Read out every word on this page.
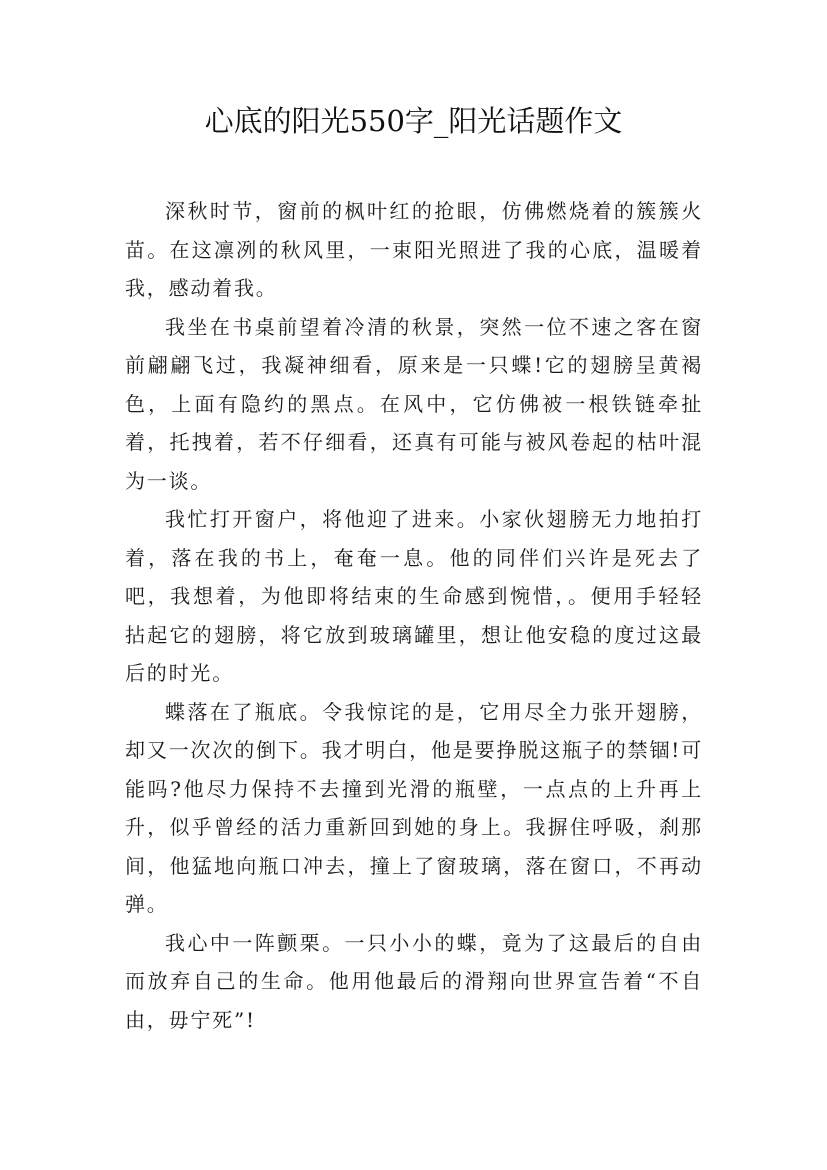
心底的阳光550字_阳光话题作文

深秋时节，窗前的枫叶红的抢眼，仿佛燃烧着的簇簇火苗。在这凛冽的秋风里，一束阳光照进了我的心底，温暖着我，感动着我。

我坐在书桌前望着冷清的秋景，突然一位不速之客在窗前翩翩飞过，我凝神细看，原来是一只蝶!它的翅膀呈黄褐色，上面有隐约的黑点。在风中，它仿佛被一根铁链牵扯着，托拽着，若不仔细看，还真有可能与被风卷起的枯叶混为一谈。

我忙打开窗户，将他迎了进来。小家伙翅膀无力地拍打着，落在我的书上，奄奄一息。他的同伴们兴许是死去了吧，我想着，为他即将结束的生命感到惋惜，。便用手轻轻拈起它的翅膀，将它放到玻璃罐里，想让他安稳的度过这最后的时光。

蝶落在了瓶底。令我惊诧的是，它用尽全力张开翅膀，却又一次次的倒下。我才明白，他是要挣脱这瓶子的禁锢!可能吗?他尽力保持不去撞到光滑的瓶壁，一点点的上升再上升，似乎曾经的活力重新回到她的身上。我摒住呼吸，刹那间，他猛地向瓶口冲去，撞上了窗玻璃，落在窗口，不再动弹。

我心中一阵颤栗。一只小小的蝶，竟为了这最后的自由而放弃自己的生命。他用他最后的滑翔向世界宣告着“不自由，毋宁死”!
